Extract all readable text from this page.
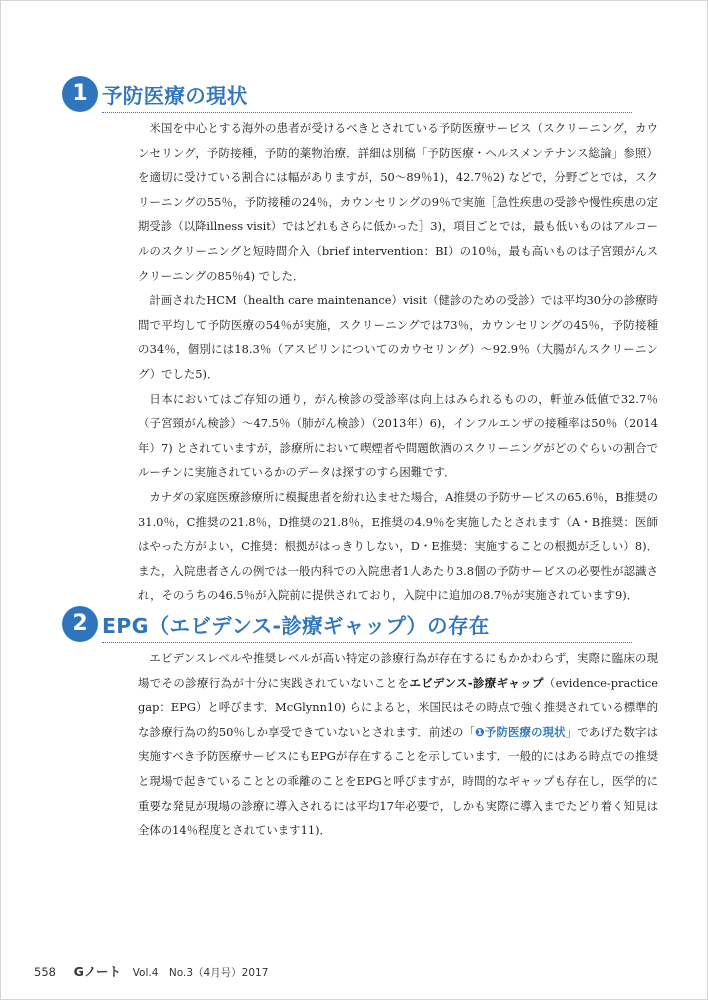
1 予防医療の現状

米国を中心とする海外の患者が受けるべきとされている予防医療サービス（スクリーニング，カウンセリング，予防接種，予防的薬物治療．詳細は別稿「予防医療・ヘルスメンテナンス総論」参照）を適切に受けている割合には幅がありますが，50～89％1)，42.7％2) などで，分野ごとでは，スクリーニングの55％，予防接種の24％，カウンセリングの9％で実施［急性疾患の受診や慢性疾患の定期受診（以降illness visit）ではどれもさらに低かった］3)，項目ごとでは，最も低いものはアルコールのスクリーニングと短時間介入（brief intervention：BI）の10％，最も高いものは子宮頸がんスクリーニングの85％4) でした．

計画されたHCM（health care maintenance）visit（健診のための受診）では平均30分の診療時間で平均して予防医療の54％が実施，スクリーニングでは73％，カウンセリングの45％，予防接種の34％，個別には18.3％（アスピリンについてのカウセリング）～92.9％（大腸がんスクリーニング）でした5)．

日本においてはご存知の通り，がん検診の受診率は向上はみられるものの，軒並み低値で32.7％（子宮頸がん検診）～47.5％（肺がん検診）（2013年）6)，インフルエンザの接種率は50％（2014年）7) とされていますが，診療所において喫煙者や問題飲酒のスクリーニングがどのぐらいの割合でルーチンに実施されているかのデータは探すのすら困難です．

カナダの家庭医療診療所に模擬患者を紛れ込ませた場合，A推奨の予防サービスの65.6％，B推奨の31.0％，C推奨の21.8％，D推奨の21.8％，E推奨の4.9％を実施したとされます（A・B推奨：医師はやった方がよい，C推奨：根拠がはっきりしない，D・E推奨：実施することの根拠が乏しい）8)．また，入院患者さんの例では一般内科での入院患者1人あたり3.8個の予防サービスの必要性が認識され，そのうちの46.5％が入院前に提供されており，入院中に追加の8.7％が実施されています9)．

2 EPG（エビデンス-診療ギャップ）の存在

エビデンスレベルや推奨レベルが高い特定の診療行為が存在するにもかかわらず，実際に臨床の現場でその診療行為が十分に実践されていないことをエビデンス-診療ギャップ（evidence-practice gap：EPG）と呼びます．McGlynn10) らによると，米国民はその時点で強く推奨されている標準的な診療行為の約50％しか享受できていないとされます．前述の「❶予防医療の現状」であげた数字は実施すべき予防医療サービスにもEPGが存在することを示しています．一般的にはある時点での推奨と現場で起きていることとの乖離のことをEPGと呼びますが，時間的なギャップも存在し，医学的に重要な発見が現場の診療に導入されるには平均17年必要で，しかも実際に導入までたどり着く知見は全体の14％程度とされています11)．

558 Gノート Vol.4　No.3（4月号）2017
